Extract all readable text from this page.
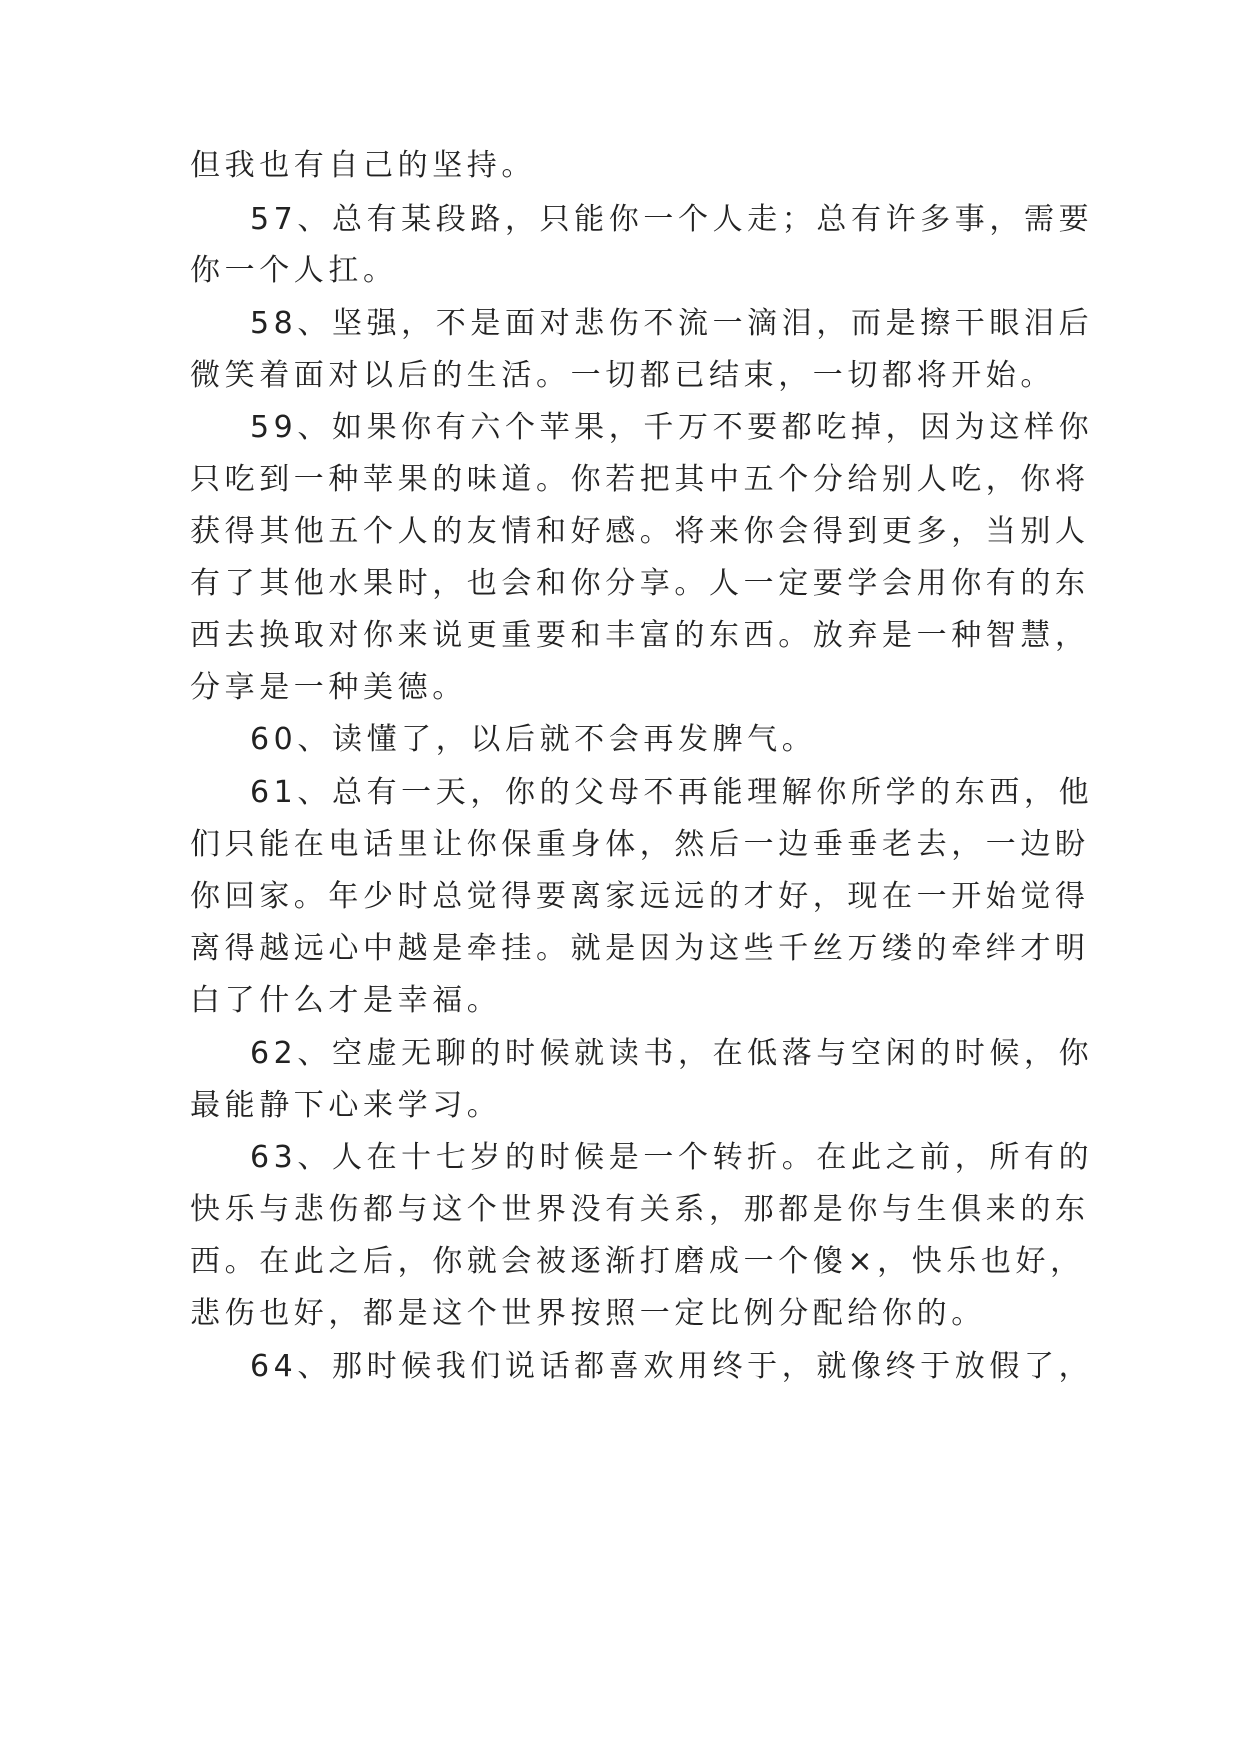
但我也有自己的坚持。
57、总有某段路，只能你一个人走；总有许多事，需要
你一个人扛。
58、坚强，不是面对悲伤不流一滴泪，而是擦干眼泪后
微笑着面对以后的生活。一切都已结束，一切都将开始。
59、如果你有六个苹果，千万不要都吃掉，因为这样你
只吃到一种苹果的味道。你若把其中五个分给别人吃，你将
获得其他五个人的友情和好感。将来你会得到更多，当别人
有了其他水果时，也会和你分享。人一定要学会用你有的东
西去换取对你来说更重要和丰富的东西。放弃是一种智慧，
分享是一种美德。
60、读懂了，以后就不会再发脾气。
61、总有一天，你的父母不再能理解你所学的东西，他
们只能在电话里让你保重身体，然后一边垂垂老去，一边盼
你回家。年少时总觉得要离家远远的才好，现在一开始觉得
离得越远心中越是牵挂。就是因为这些千丝万缕的牵绊才明
白了什么才是幸福。
62、空虚无聊的时候就读书，在低落与空闲的时候，你
最能静下心来学习。
63、人在十七岁的时候是一个转折。在此之前，所有的
快乐与悲伤都与这个世界没有关系，那都是你与生俱来的东
西。在此之后，你就会被逐渐打磨成一个傻×，快乐也好，
悲伤也好，都是这个世界按照一定比例分配给你的。
64、那时候我们说话都喜欢用终于，就像终于放假了，
